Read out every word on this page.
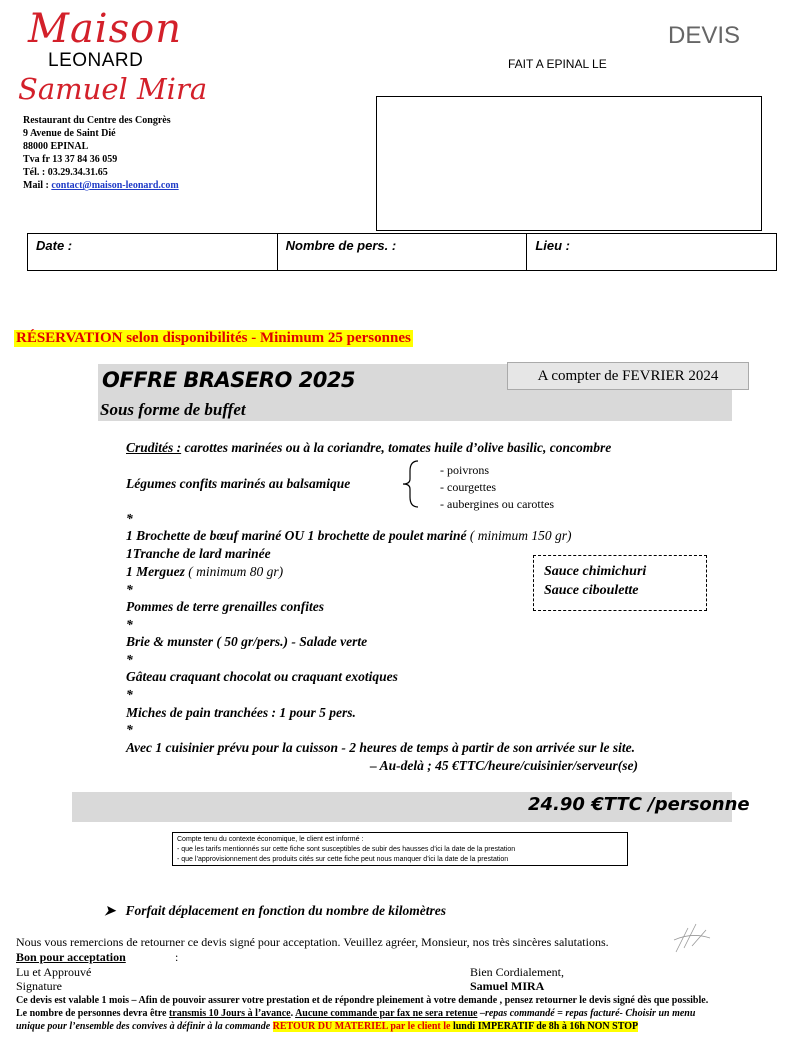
Maison
LEONARD
Samuel Mira
DEVIS
FAIT A EPINAL LE
Restaurant du Centre des Congrès
9 Avenue de Saint Dié
88000 EPINAL
Tva fr 13 37 84 36 059
Tél. : 03.29.34.31.65
Mail : contact@maison-leonard.com
Date :	Nombre de pers. :	Lieu :
RÉSERVATION selon disponibilités - Minimum 25 personnes
OFFRE BRASERO 2025
Sous forme de buffet
A compter de FEVRIER 2024
Crudités : carottes marinées ou à la coriandre, tomates huile d’olive basilic, concombre
Légumes confits marinés au balsamique
- poivrons
- courgettes
- aubergines ou carottes
*
1 Brochette de bœuf mariné OU 1 brochette de poulet mariné ( minimum 150 gr)
1Tranche de lard marinée
1 Merguez ( minimum 80 gr)
*
Pommes de terre grenailles confites
*
Brie & munster ( 50 gr/pers.) - Salade verte
*
Gâteau craquant chocolat ou craquant exotiques
*
Miches de pain tranchées : 1 pour 5 pers.
*
Avec 1 cuisinier prévu pour la cuisson - 2 heures de temps à partir de son arrivée sur le site.
– Au-delà ; 45 €TTC/heure/cuisinier/serveur(se)
Sauce chimichuri
Sauce ciboulette
24.90 €TTC /personne
Compte tenu du contexte économique, le client est informé :
- que les tarifs mentionnés sur cette fiche sont susceptibles de subir des hausses d’ici la date de la prestation
- que l’approvisionnement des produits cités sur cette fiche peut nous manquer d’ici la date de la prestation
➤   Forfait déplacement en fonction du nombre de kilomètres
Nous vous remercions de retourner ce devis signé pour acceptation. Veuillez agréer, Monsieur, nos très sincères salutations.
Bon pour acceptation	:
Lu et Approuvé
Signature
Bien Cordialement,
Samuel MIRA
Ce devis est valable 1 mois – Afin de pouvoir assurer votre prestation et de répondre pleinement à votre demande , pensez retourner le devis signé dès que possible. Le nombre de personnes devra être transmis 10 Jours à l’avance. Aucune commande par fax ne sera retenue –repas commandé = repas facturé- Choisir un menu unique pour l’ensemble des convives à définir à la commande RETOUR DU MATERIEL par le client le lundi IMPERATIF de 8h à 16h NON STOP
